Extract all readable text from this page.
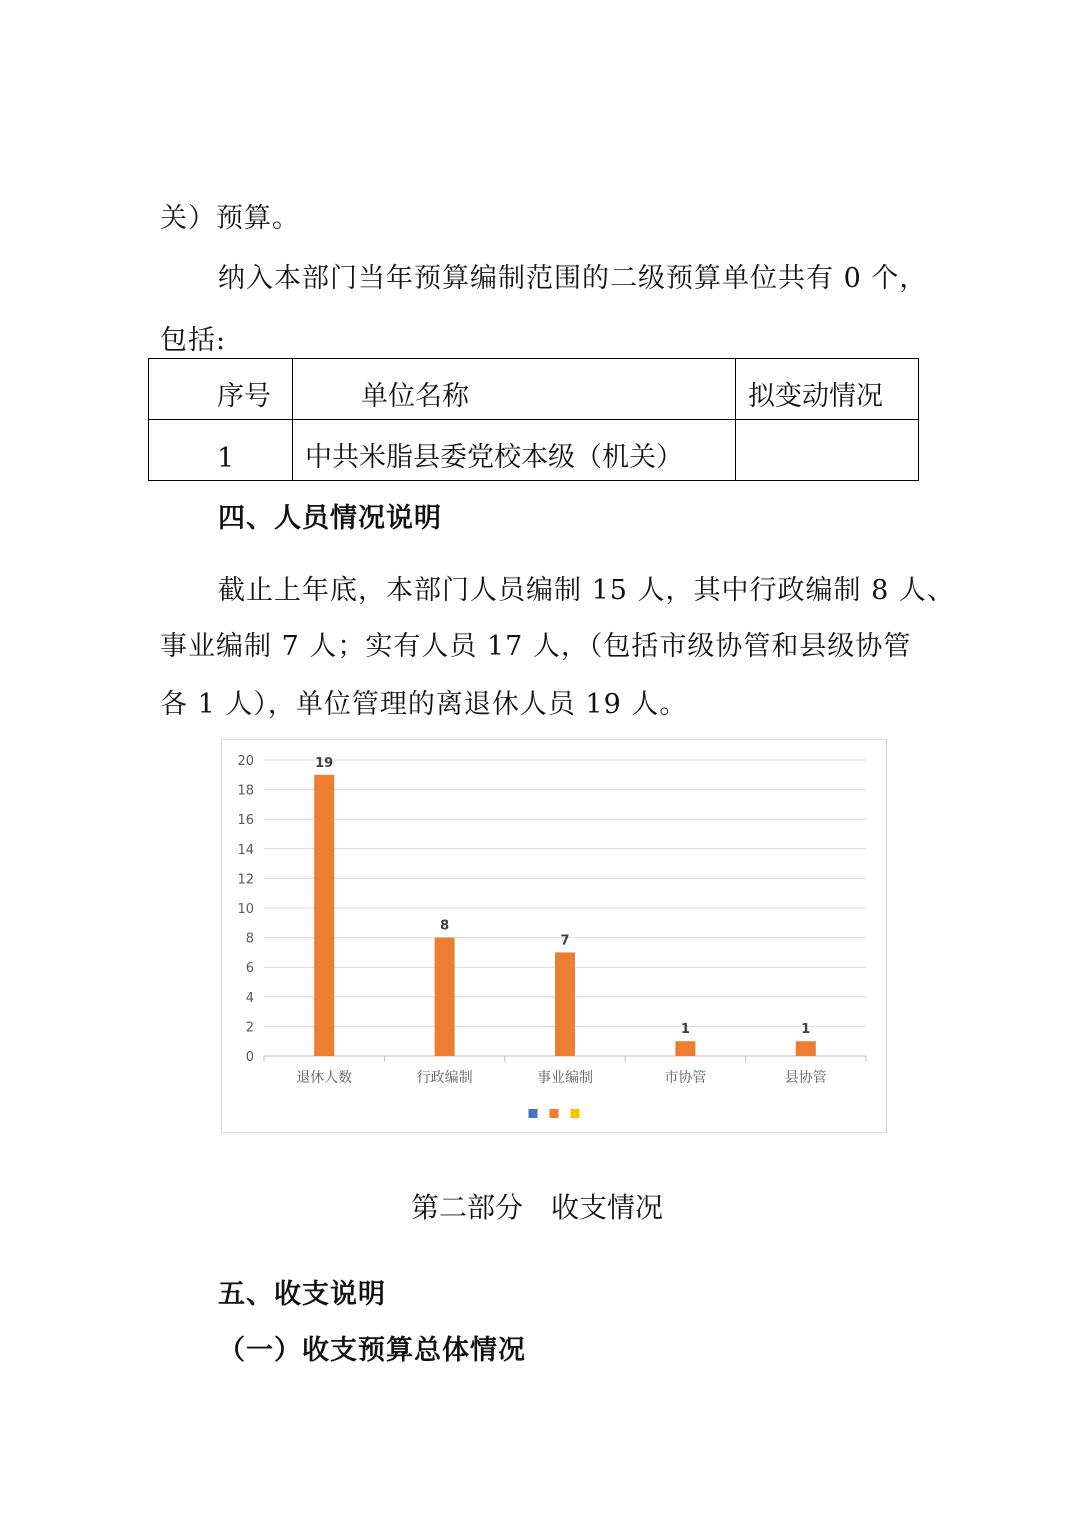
关）预算。
纳入本部门当年预算编制范围的二级预算单位共有 0 个，
包括:
序号	单位名称	拟变动情况

1	中共米脂县委党校本级（机关）	

四、人员情况说明
截止上年底，本部门人员编制 15 人，其中行政编制 8 人、
事业编制 7 人；实有人员 17 人，（包括市级协管和县级协管
各 1 人），单位管理的离退休人员 19 人。
0
2
4
6
8
10
12
14
16
18
20	19
退休人数
8
行政编制
7
事业编制
1
市协管
1
县协管
第二部分　收支情况
五、收支说明
（一）收支预算总体情况
